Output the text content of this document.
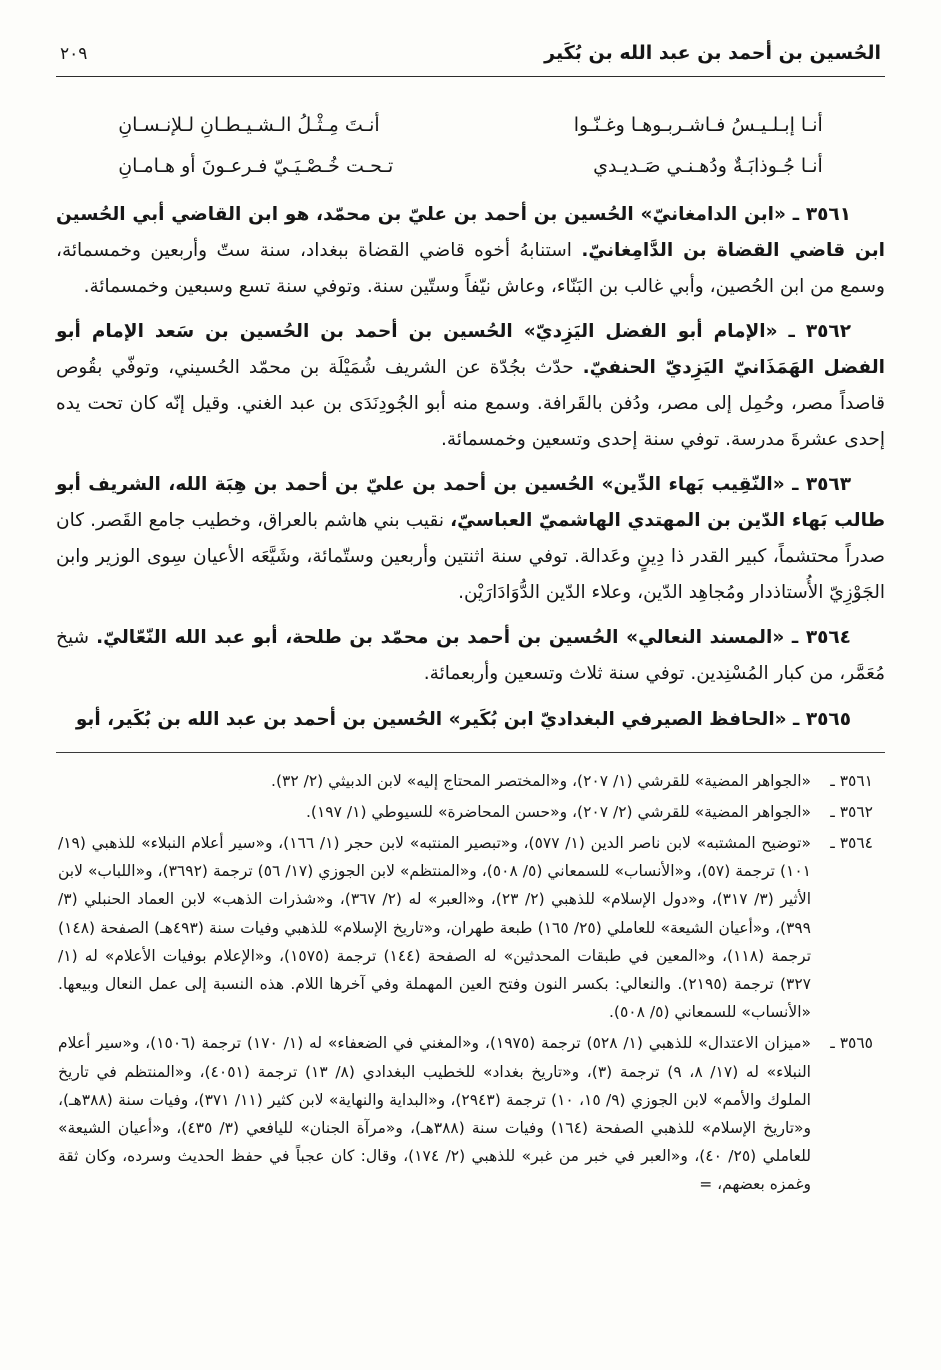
الحُسين بن أحمد بن عبد الله بن بُكَير
٢٠٩
أنـا إبـلـيـسُ فـاشـربـوهـا وغـنّـوا
أنـتَ مِـثْـلُ الـشـيـطـانِ لـلإنـسـانِ
أنـا جُـوذابَـةٌ ودُهـنـي صَـديـدي
تـحـت خُـصْـيَـيّ فـرعـونَ أو هـامـانِ

٣٥٦١ ـ «ابن الدامغانيّ» الحُسين بن أحمد بن عليّ بن محمّد، هو ابن القاضي أبي الحُسين ابن قاضي القضاة بن الدَّامِغانيّ. استنابهُ أخوه قاضي القضاة ببغداد، سنة ستّ وأربعين وخمسمائة، وسمع من ابن الحُصين، وأبي غالب بن البَنّاء، وعاش نيّفاً وستّين سنة. وتوفي سنة تسع وسبعين وخمسمائة.

٣٥٦٢ ـ «الإمام أبو الفضل اليَزِديّ» الحُسين بن أحمد بن الحُسين بن سَعد الإمام أبو الفضل الهَمَذَانيّ اليَزِديّ الحنفيّ. حدّث بجُدّة عن الشريف شُمَيْلَة بن محمّد الحُسيني، وتوفّي بقُوص قاصداً مصر، وحُمِل إلى مصر، ودُفن بالقَرافة. وسمع منه أبو الجُودِنَدَى بن عبد الغني. وقيل إنّه كان تحت يده إحدى عشرةَ مدرسة. توفي سنة إحدى وتسعين وخمسمائة.

٣٥٦٣ ـ «النّقِيب بَهاء الدِّين» الحُسين بن أحمد بن عليّ بن أحمد بن هِبَة الله، الشريف أبو طالب بَهاء الدّين بن المهتدي الهاشميّ العباسيّ، نقيب بني هاشم بالعراق، وخطيب جامع القَصر. كان صدراً محتشماً، كبير القدر ذا دِينٍ وعَدالة. توفي سنة اثنتين وأربعين وستّمائة، وشَيَّعَه الأعيان سِوى الوزير وابن الجَوْزِيّ الأُستاذدار ومُجاهِد الدّين، وعلاء الدّين الدُّوَادَارَيْن.

٣٥٦٤ ـ «المسند النعالي» الحُسين بن أحمد بن محمّد بن طلحة، أبو عبد الله النّعّاليّ. شيخ مُعَمَّر، من كبار المُسْنِدين. توفي سنة ثلاث وتسعين وأربعمائة.

٣٥٦٥ ـ «الحافظ الصيرفي البغداديّ ابن بُكَير» الحُسين بن أحمد بن عبد الله بن بُكَير، أبو

٣٥٦١ ـ
«الجواهر المضية» للقرشي (١/ ٢٠٧)، و«المختصر المحتاج إليه» لابن الدبيثي (٢/ ٣٢).
٣٥٦٢ ـ
«الجواهر المضية» للقرشي (٢/ ٢٠٧)، و«حسن المحاضرة» للسيوطي (١/ ١٩٧).
٣٥٦٤ ـ
«توضيح المشتبه» لابن ناصر الدين (١/ ٥٧٧)، و«تبصير المنتبه» لابن حجر (١/ ١٦٦)، و«سير أعلام النبلاء» للذهبي (١٩/ ١٠١) ترجمة (٥٧)، و«الأنساب» للسمعاني (٥/ ٥٠٨)، و«المنتظم» لابن الجوزي (١٧/ ٥٦) ترجمة (٣٦٩٢)، و«اللباب» لابن الأثير (٣/ ٣١٧)، و«دول الإسلام» للذهبي (٢/ ٢٣)، و«العبر» له (٢/ ٣٦٧)، و«شذرات الذهب» لابن العماد الحنبلي (٣/ ٣٩٩)، و«أعيان الشيعة» للعاملي (٢٥/ ١٦٥) طبعة طهران، و«تاريخ الإسلام» للذهبي وفيات سنة (٤٩٣هـ) الصفحة (١٤٨) ترجمة (١١٨)، و«المعين في طبقات المحدثين» له الصفحة (١٤٤) ترجمة (١٥٧٥)، و«الإعلام بوفيات الأعلام» له (١/ ٣٢٧) ترجمة (٢١٩٥). والنعالي: بكسر النون وفتح العين المهملة وفي آخرها اللام. هذه النسبة إلى عمل النعال وبيعها. «الأنساب» للسمعاني (٥/ ٥٠٨).
٣٥٦٥ ـ
«ميزان الاعتدال» للذهبي (١/ ٥٢٨) ترجمة (١٩٧٥)، و«المغني في الضعفاء» له (١/ ١٧٠) ترجمة (١٥٠٦)، و«سير أعلام النبلاء» له (١٧/ ٨، ٩) ترجمة (٣)، و«تاريخ بغداد» للخطيب البغدادي (٨/ ١٣) ترجمة (٤٠٥١)، و«المنتظم في تاريخ الملوك والأمم» لابن الجوزي (٩/ ١٥، ١٠) ترجمة (٢٩٤٣)، و«البداية والنهاية» لابن كثير (١١/ ٣٧١)، وفيات سنة (٣٨٨هـ)، و«تاريخ الإسلام» للذهبي الصفحة (١٦٤) وفيات سنة (٣٨٨هـ)، و«مرآة الجنان» لليافعي (٣/ ٤٣٥)، و«أعيان الشيعة» للعاملي (٢٥/ ٤٠)، و«العبر في خبر من غبر» للذهبي (٢/ ١٧٤)، وقال: كان عجباً في حفظ الحديث وسرده، وكان ثقة وغمزه بعضهم، =
